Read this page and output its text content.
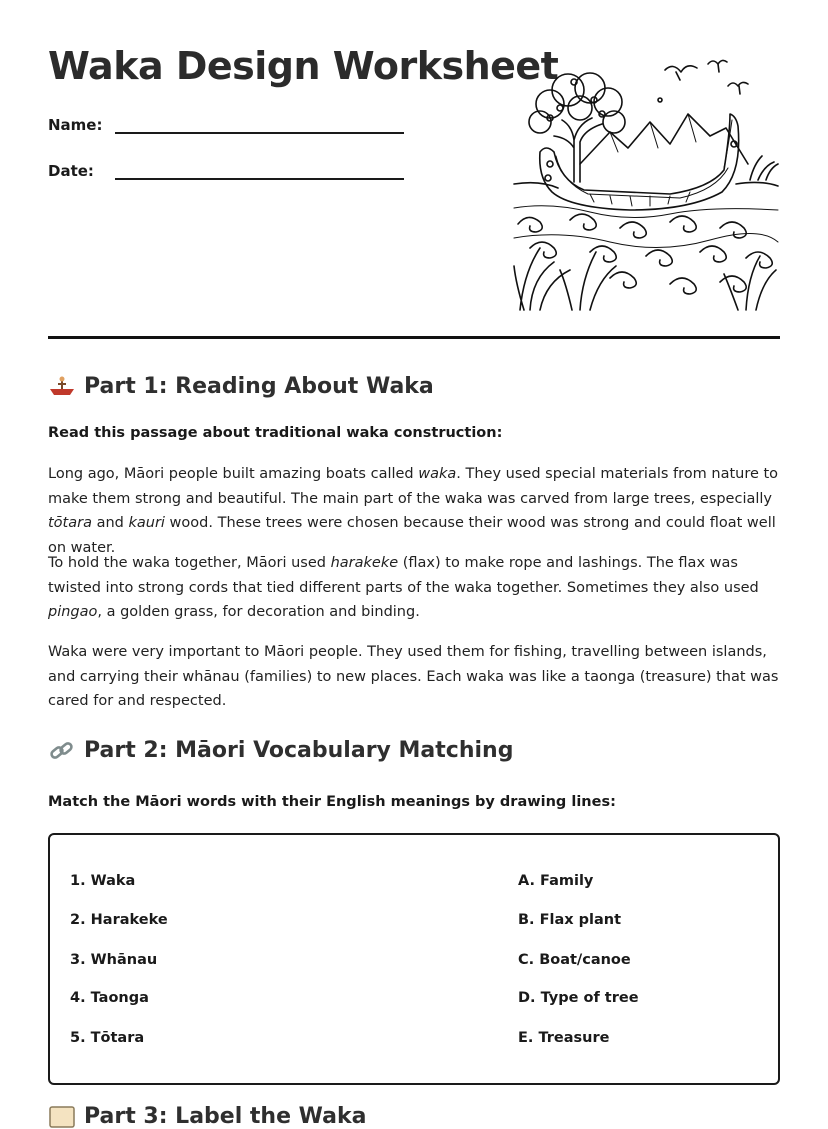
Waka Design Worksheet
Name:
Date:
Part 1: Reading About Waka
Read this passage about traditional waka construction:

Long ago, Māori people built amazing boats called waka. They used special materials from nature to make them strong and beautiful. The main part of the waka was carved from large trees, especially tōtara and kauri wood. These trees were chosen because their wood was strong and could float well on water.

To hold the waka together, Māori used harakeke (flax) to make rope and lashings. The flax was twisted into strong cords that tied different parts of the waka together. Sometimes they also used pingao, a golden grass, for decoration and binding.

Waka were very important to Māori people. They used them for fishing, travelling between islands, and carrying their whānau (families) to new places. Each waka was like a taonga (treasure) that was cared for and respected.

Part 2: Māori Vocabulary Matching
Match the Māori words with their English meanings by drawing lines:
1. Waka
2. Harakeke
3. Whānau
4. Taonga
5. Tōtara
A. Family
B. Flax plant
C. Boat/canoe
D. Type of tree
E. Treasure
Part 3: Label the Waka
